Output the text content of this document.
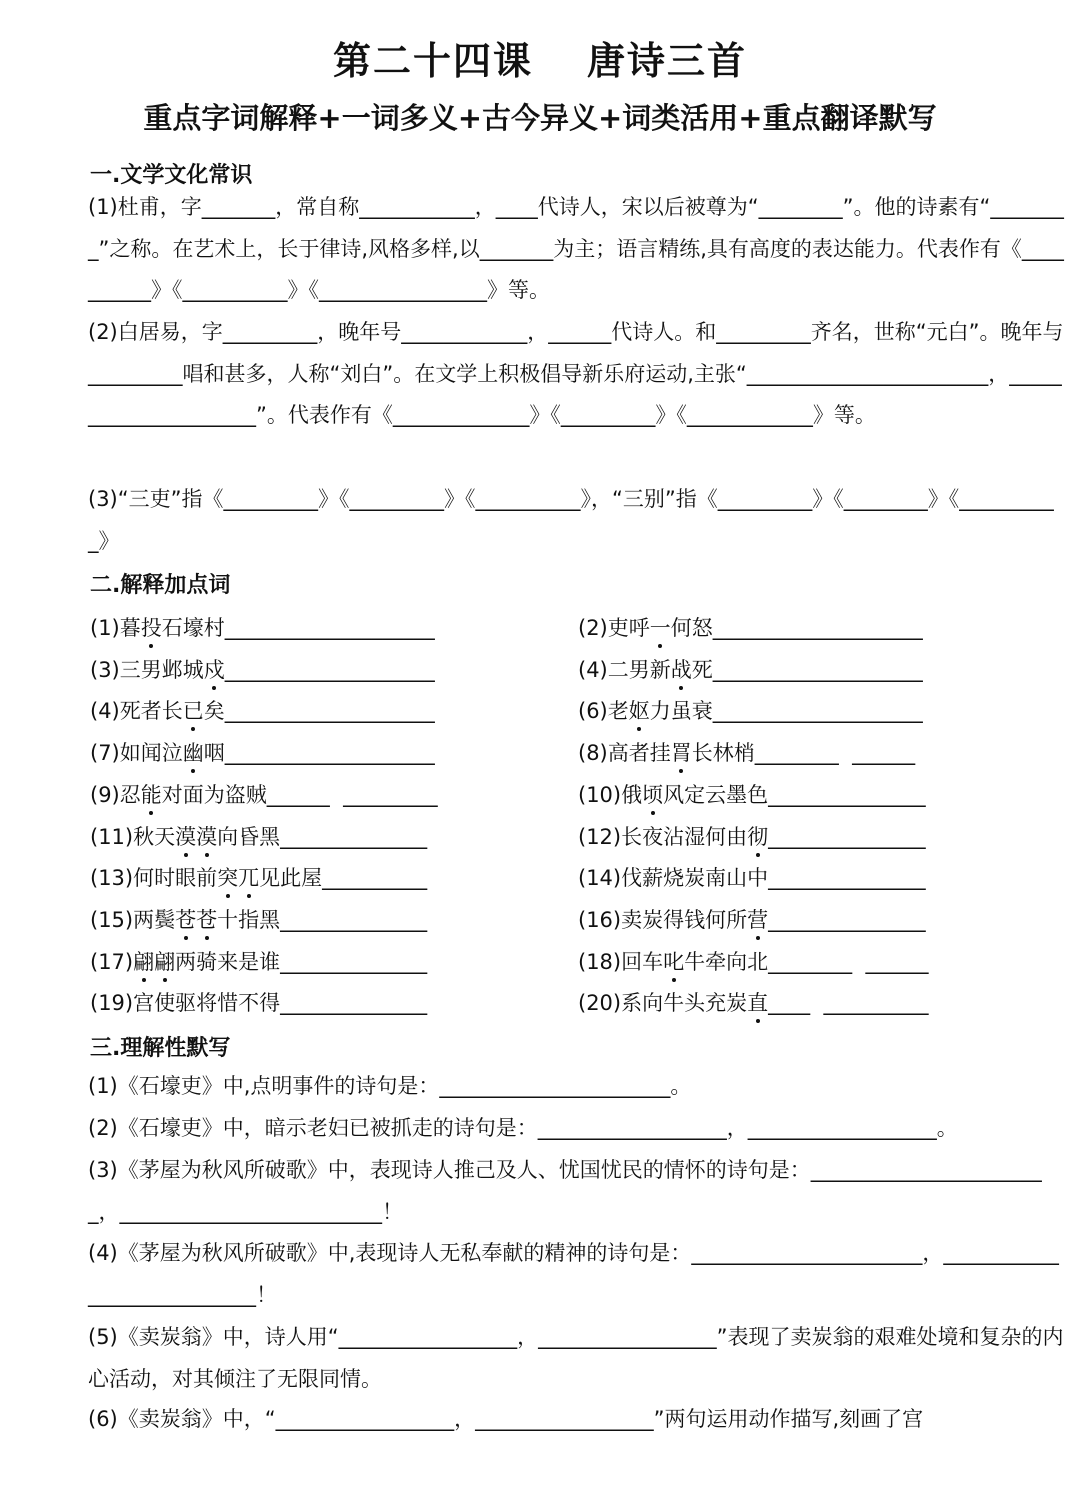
第二十四课 唐诗三首
重点字词解释+一词多义+古今异义+词类活用+重点翻译默写
一.文学文化常识
(1)杜甫，字_______，常自称___________，____代诗人，宋以后被尊为“________”。他的诗素有“________”之称。在艺术上，长于律诗,风格多样,以_______为主；语言精练,具有高度的表达能力。代表作有《__________》《__________》《________________》等。
(2)白居易，字_________，晚年号____________，______代诗人。和_________齐名，世称“元白”。晚年与_________唱和甚多，人称“刘白”。在文学上积极倡导新乐府运动,主张“_______________________，_____________________”。代表作有《_____________》《_________》《____________》等。
(3)“三吏”指《_________》《_________》《__________》，“三别”指《_________》《________》《__________》
二.解释加点词
(1)暮投石壕村____________________	(2)吏呼一何怒____________________
(3)三男邺城戍____________________	(4)二男新战死____________________
(4)死者长已矣____________________	(6)老妪力虽衰____________________
(7)如闻泣幽咽____________________	(8)高者挂罥长林梢________  ______
(9)忍能对面为盗贼______  _________	(10)俄顷风定云墨色_______________
(11)秋天漠漠向昏黑______________	(12)长夜沾湿何由彻_______________
(13)何时眼前突兀见此屋__________	(14)伐薪烧炭南山中_______________
(15)两鬓苍苍十指黑______________	(16)卖炭得钱何所营_______________
(17)翩翩两骑来是谁______________	(18)回车叱牛牵向北________  ______
(19)宫使驱将惜不得______________	(20)系向牛头充炭直____  __________
三.理解性默写
(1)《石壕吏》中,点明事件的诗句是：______________________。
(2)《石壕吏》中，暗示老妇已被抓走的诗句是：__________________，__________________。
(3)《茅屋为秋风所破歌》中，表现诗人推己及人、忧国忧民的情怀的诗句是：_______________________，_________________________！
(4)《茅屋为秋风所破歌》中,表现诗人无私奉献的精神的诗句是：______________________，___________________________！
(5)《卖炭翁》中，诗人用“_________________，_________________”表现了卖炭翁的艰难处境和复杂的内心活动，对其倾注了无限同情。
(6)《卖炭翁》中，“_________________，_________________”两句运用动作描写,刻画了宫
